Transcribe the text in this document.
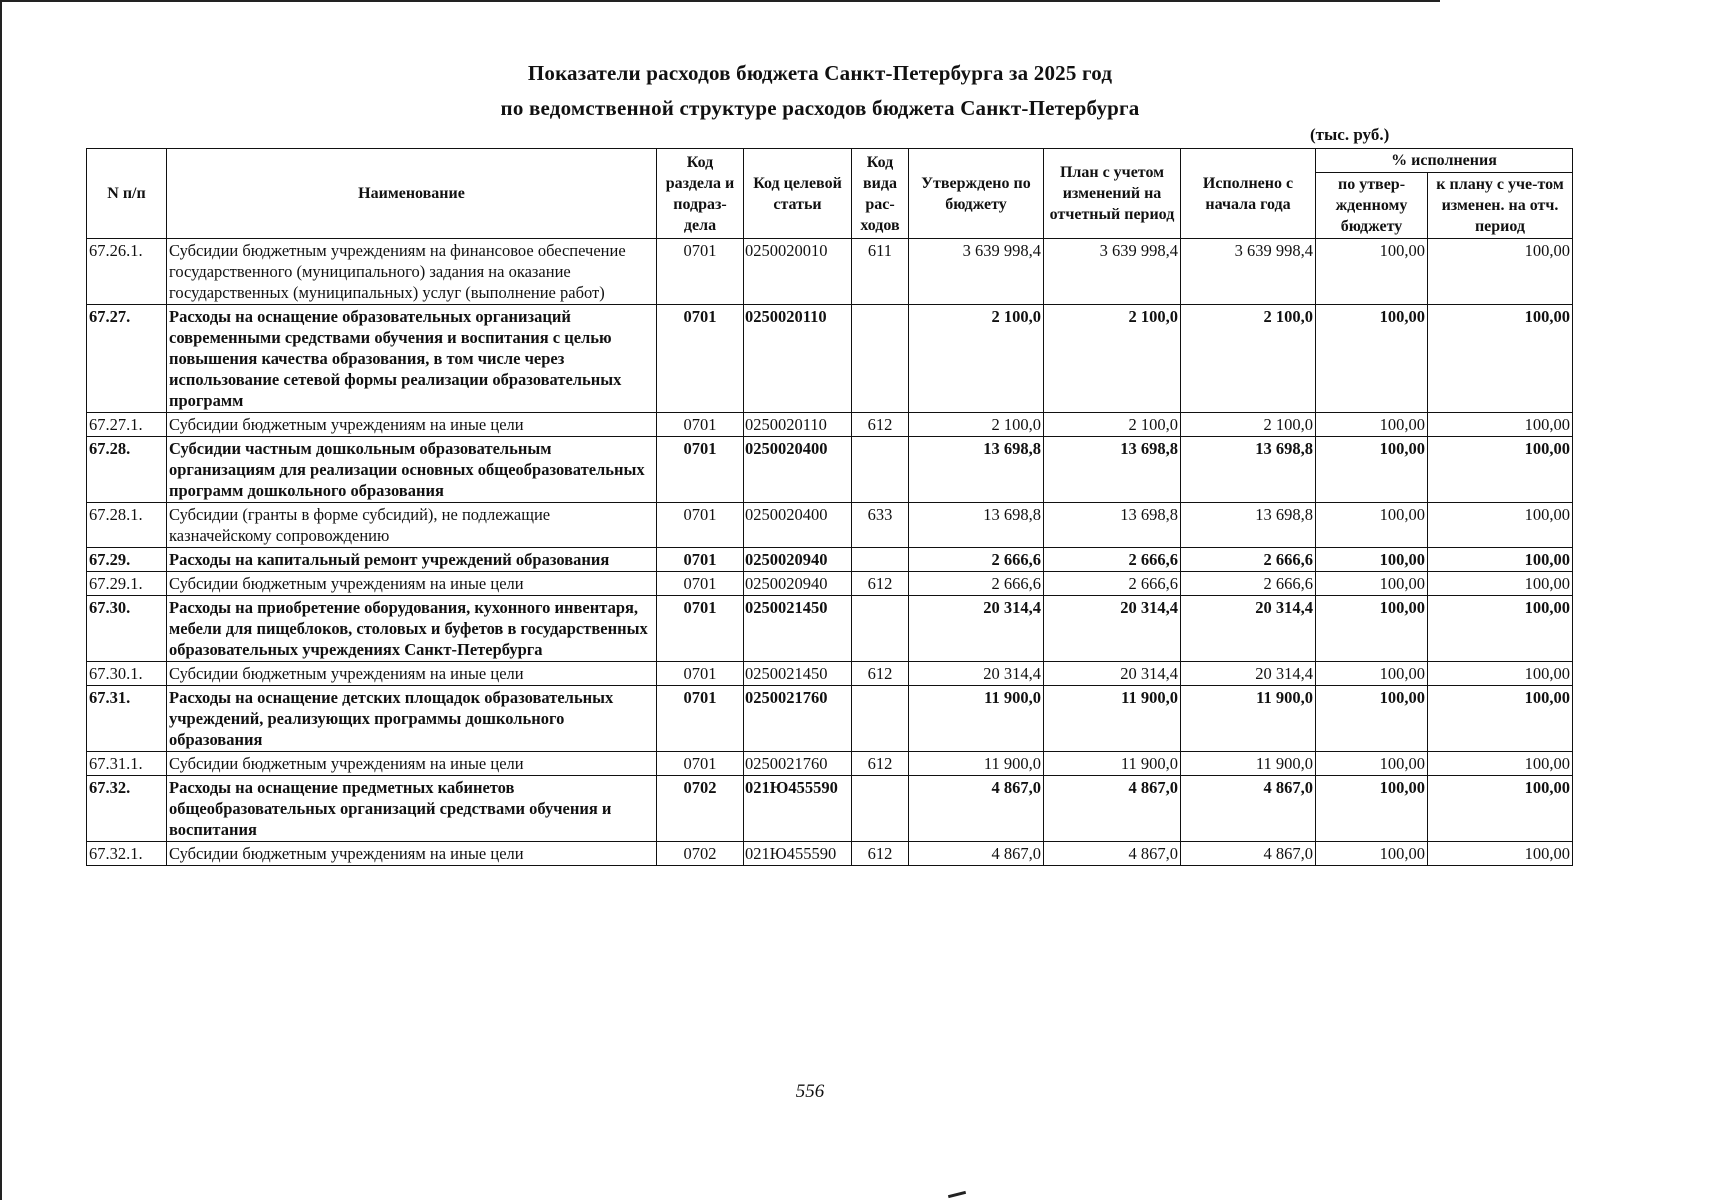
Показатели расходов бюджета Санкт-Петербурга за 2025 год
по ведомственной структуре расходов бюджета Санкт-Петербурга
(тыс. руб.)
N п/п	Наименование	Код раздела и подраз-дела	Код целевой статьи	Код вида рас-ходов	Утверждено по бюджету	План с учетом изменений на отчетный период	Исполнено с начала года	% исполнения	
								по утвер-жденному бюджету	к плану с уче-том изменен. на отч. период
67.26.1.	Субсидии бюджетным учреждениям на финансовое обеспечение государственного (муниципального) задания на оказание государственных (муниципальных) услуг (выполнение работ)	0701	0250020010	611	3 639 998,4	3 639 998,4	3 639 998,4	100,00	100,00
67.27.	Расходы на оснащение образовательных организаций современными средствами обучения и воспитания с целью повышения качества образования, в том числе через использование сетевой формы реализации образовательных программ	0701	0250020110		2 100,0	2 100,0	2 100,0	100,00	100,00
67.27.1.	Субсидии бюджетным учреждениям на иные цели	0701	0250020110	612	2 100,0	2 100,0	2 100,0	100,00	100,00
67.28.	Субсидии частным дошкольным образовательным организациям для реализации основных общеобразовательных программ дошкольного образования	0701	0250020400		13 698,8	13 698,8	13 698,8	100,00	100,00
67.28.1.	Субсидии (гранты в форме субсидий), не подлежащие казначейскому сопровождению	0701	0250020400	633	13 698,8	13 698,8	13 698,8	100,00	100,00
67.29.	Расходы на капитальный ремонт учреждений образования	0701	0250020940		2 666,6	2 666,6	2 666,6	100,00	100,00
67.29.1.	Субсидии бюджетным учреждениям на иные цели	0701	0250020940	612	2 666,6	2 666,6	2 666,6	100,00	100,00
67.30.	Расходы на приобретение оборудования, кухонного инвентаря, мебели для пищеблоков, столовых и буфетов в государственных образовательных учреждениях Санкт-Петербурга	0701	0250021450		20 314,4	20 314,4	20 314,4	100,00	100,00
67.30.1.	Субсидии бюджетным учреждениям на иные цели	0701	0250021450	612	20 314,4	20 314,4	20 314,4	100,00	100,00
67.31.	Расходы на оснащение детских площадок образовательных учреждений, реализующих программы дошкольного образования	0701	0250021760		11 900,0	11 900,0	11 900,0	100,00	100,00
67.31.1.	Субсидии бюджетным учреждениям на иные цели	0701	0250021760	612	11 900,0	11 900,0	11 900,0	100,00	100,00
67.32.	Расходы на оснащение предметных кабинетов общеобразовательных организаций средствами обучения и воспитания	0702	021Ю455590		4 867,0	4 867,0	4 867,0	100,00	100,00
67.32.1.	Субсидии бюджетным учреждениям на иные цели	0702	021Ю455590	612	4 867,0	4 867,0	4 867,0	100,00	100,00
556
